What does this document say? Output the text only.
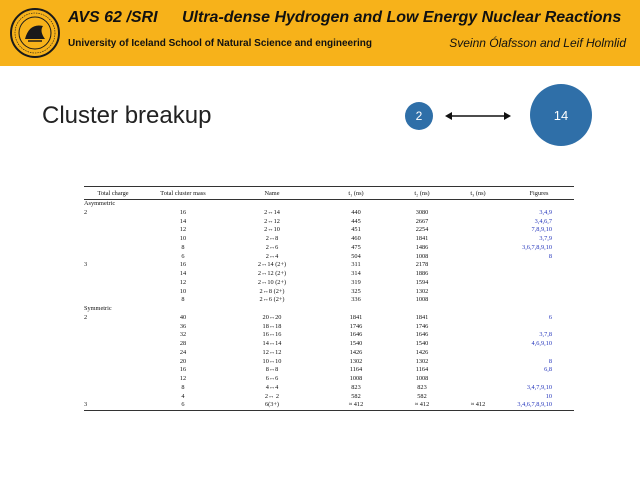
AVS 62 /SRI Ultra-dense Hydrogen and Low Energy Nuclear Reactions
University of Iceland School of Natural Science and engineering	Sveinn Ólafsson and Leif Holmlid
Cluster breakup	2	14
Total charge	Total cluster mass	Name	t₁ (ns)	t₂ (ns)	t₃ (ns)	Figures
Asymmetric						
2	16	2↔14	440	3080		3,4,9
	14	2↔12	445	2667		3,4,6,7
	12	2↔10	451	2254		7,8,9,10
	10	2↔8	460	1841		3,7,9
	8	2↔6	475	1486		3,6,7,8,9,10
	6	2↔4	504	1008		8
3	16	2↔14 (2+)	311	2178		
	14	2↔12 (2+)	314	1886		
	12	2↔10 (2+)	319	1594		
	10	2↔8 (2+)	325	1302		
	8	2↔6 (2+)	336	1008		
Symmetric						
2	40	20↔20	1841	1841		6
	36	18↔18	1746	1746		
	32	16↔16	1646	1646		3,7,8
	28	14↔14	1540	1540		4,6,9,10
	24	12↔12	1426	1426		
	20	10↔10	1302	1302		8
	16	8↔8	1164	1164		6,8
	12	6↔6	1008	1008		
	8	4↔4	823	823		3,4,7,9,10
	4	2↔ 2	582	582		10
3	6	6(3+)	≈ 412	≈ 412	≈ 412	3,4,6,7,8,9,10
